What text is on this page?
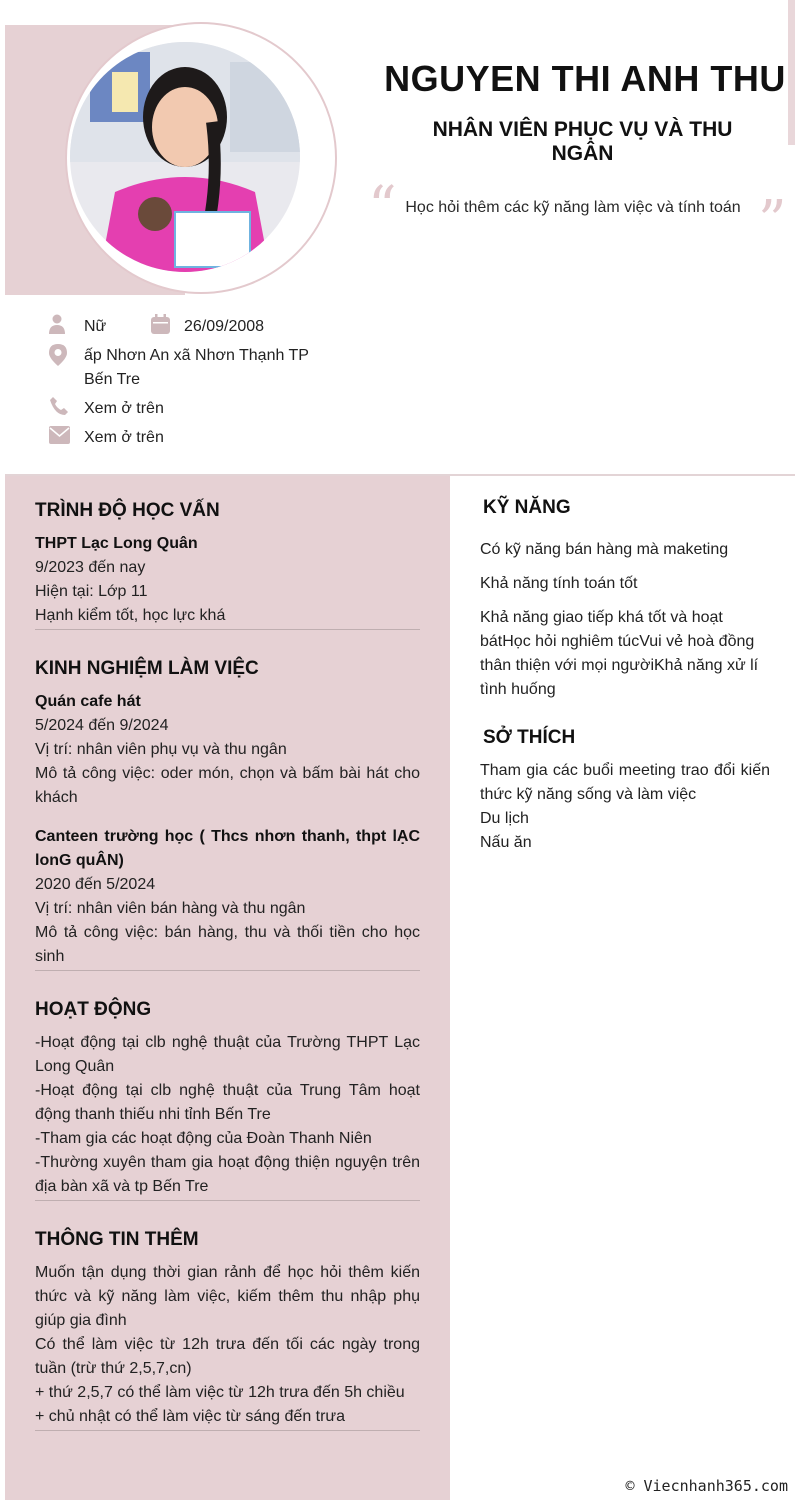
NGUYEN THI ANH THU
NHÂN VIÊN PHỤC VỤ VÀ THU NGÂN
“ Học hỏi thêm các kỹ năng làm việc và tính toán ”
Nữ	26/09/2008
ấp Nhơn An xã Nhơn Thạnh TP
Bến Tre
Xem ở trên
Xem ở trên
TRÌNH ĐỘ HỌC VẤN
THPT Lạc Long Quân
9/2023 đến nay
Hiện tại: Lớp 11
Hạnh kiểm tốt, học lực khá
KINH NGHIỆM LÀM VIỆC
Quán cafe hát
5/2024 đến 9/2024
Vị trí: nhân viên phụ vụ và thu ngân
Mô tả công việc: oder món, chọn và bấm bài hát cho khách
Canteen trường học ( Thcs nhơn thanh, thpt lẠC lonG quÂN)
2020 đến 5/2024
Vị trí: nhân viên bán hàng và thu ngân
Mô tả công việc: bán hàng, thu và thối tiền cho học sinh
HOẠT ĐỘNG
-Hoạt động tại clb nghệ thuật của Trường THPT Lạc Long Quân
-Hoạt động tại clb nghệ thuật của Trung Tâm hoạt động thanh thiếu nhi tỉnh Bến Tre
-Tham gia các hoạt động của Đoàn Thanh Niên
-Thường xuyên tham gia hoạt động thiện nguyện trên địa bàn xã và tp Bến Tre
THÔNG TIN THÊM
Muốn tận dụng thời gian rảnh để học hỏi thêm kiến thức và kỹ năng làm việc, kiếm thêm thu nhập phụ giúp gia đình
Có thể làm việc từ 12h trưa đến tối các ngày trong tuần (trừ thứ 2,5,7,cn)
+ thứ 2,5,7 có thể làm việc từ 12h trưa đến 5h chiều
+ chủ nhật có thể làm việc từ sáng đến trưa
KỸ NĂNG
Có kỹ năng bán hàng mà maketing
Khả năng tính toán tốt
Khả năng giao tiếp khá tốt và hoạt bátHọc hỏi nghiêm túcVui vẻ hoà đồng thân thiện với mọi ngườiKhả năng xử lí tình huống
SỞ THÍCH
Tham gia các buổi meeting trao đổi kiến thức kỹ năng sống và làm việc
Du lịch
Nấu ăn
© Viecnhanh365.com
